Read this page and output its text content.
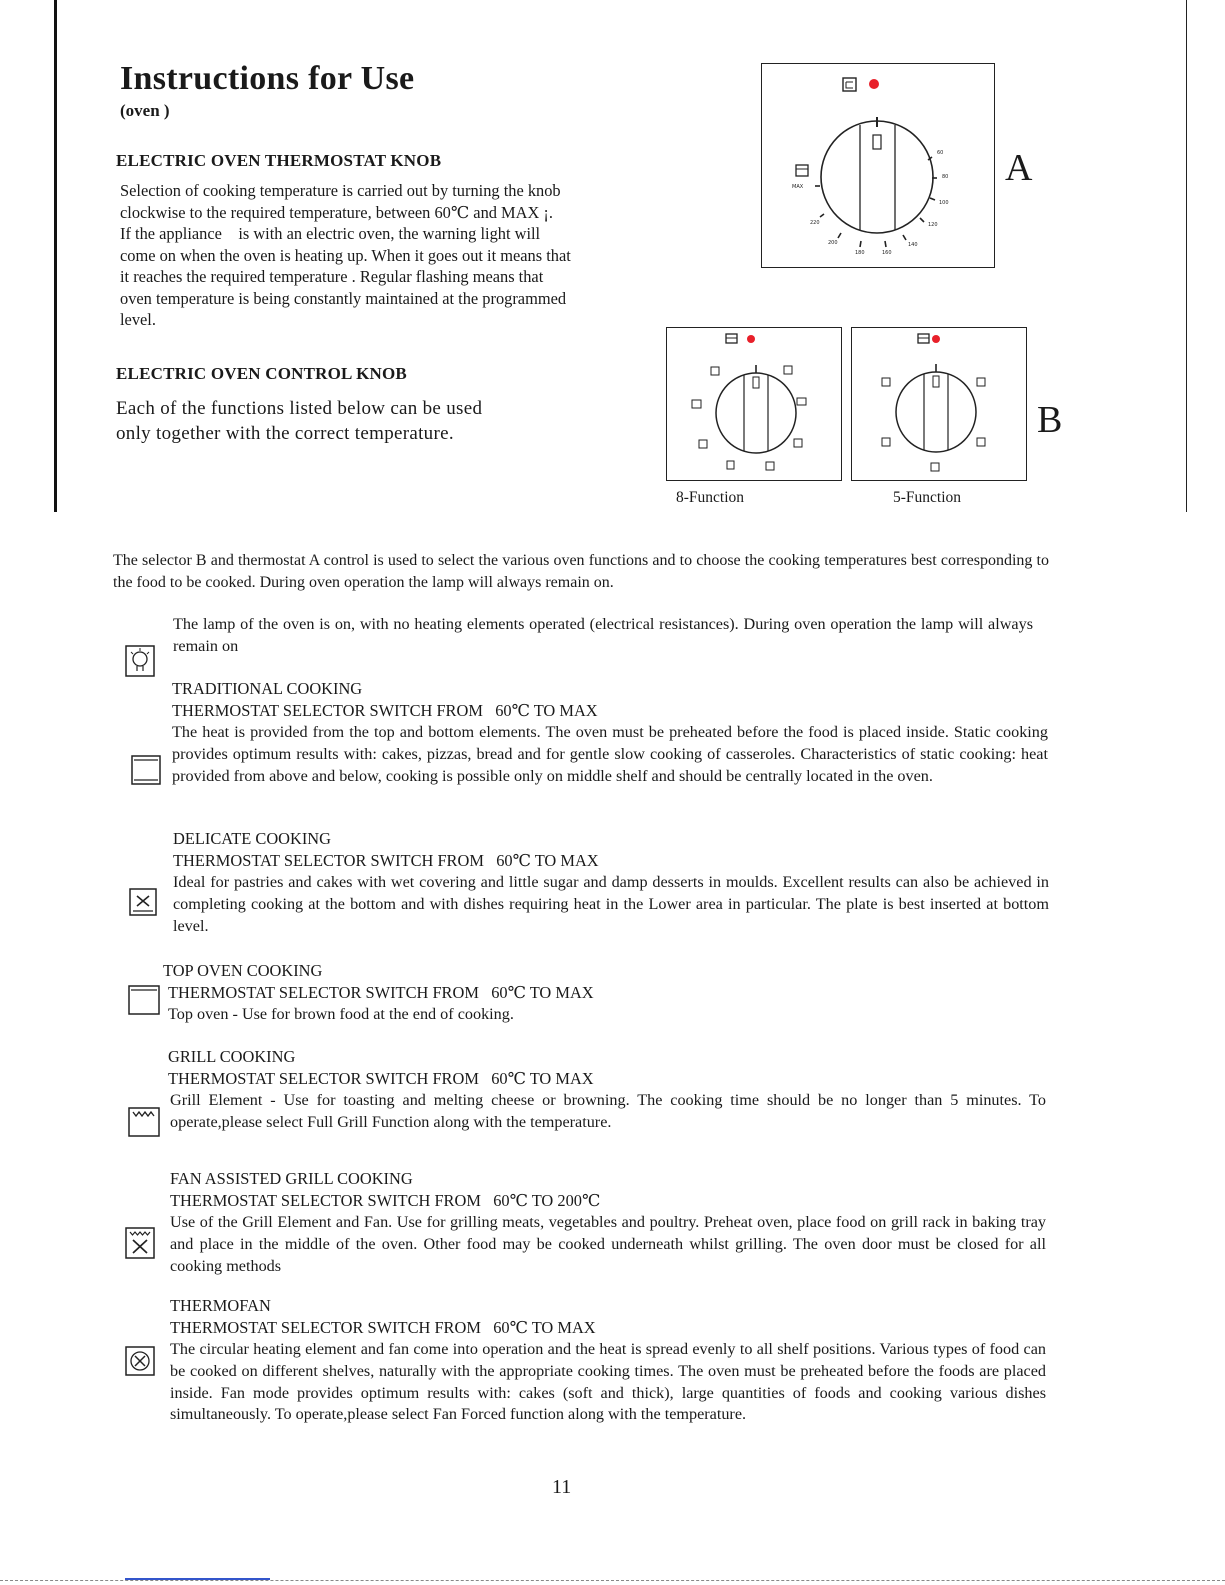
Instructions for Use
(oven )
ELECTRIC OVEN THERMOSTAT KNOB
Selection of cooking temperature is carried out by turning the knob
clockwise to the required temperature, between 60℃ and MAX ¡.
If the appliance    is with an electric oven, the warning light will
come on when the oven is heating up. When it goes out it means that
it reaches the required temperature . Regular flashing means that
oven temperature is being constantly maintained at the programmed
level.
ELECTRIC OVEN CONTROL KNOB
Each of the functions listed below can be used
only together with the correct temperature.
60
80
100
120
140
160
180
200
220
MAX	A
B
8-Function	5-Function
The selector B and thermostat A control is used to select the various oven functions and to choose the cooking temperatures best corresponding to the food to be cooked. During oven operation the lamp will always remain on.
The lamp of the oven is on, with no heating elements operated (electrical resistances). During oven operation the lamp will always remain on
TRADITIONAL COOKING
THERMOSTAT SELECTOR SWITCH FROM   60℃ TO MAX
The heat is provided from the top and bottom elements. The oven must be preheated before the food is placed inside. Static cooking provides optimum results with: cakes, pizzas, bread and for gentle slow cooking of casseroles. Characteristics of static cooking: heat provided from above and below, cooking is possible only on middle shelf and should be centrally located in the oven.
DELICATE COOKING
THERMOSTAT SELECTOR SWITCH FROM   60℃ TO MAX
Ideal for pastries and cakes with wet covering and little sugar and damp desserts in moulds. Excellent results can also be achieved in completing cooking at the bottom and with dishes requiring heat in the Lower area in particular. The plate is best inserted at bottom level.
TOP OVEN COOKING
THERMOSTAT SELECTOR SWITCH FROM   60℃ TO MAX
Top oven - Use for brown food at the end of cooking.
GRILL COOKING
THERMOSTAT SELECTOR SWITCH FROM   60℃ TO MAX
Grill Element - Use for toasting and melting cheese or browning. The cooking time should be no longer than 5 minutes. To operate,please select Full Grill Function along with the temperature.
FAN ASSISTED GRILL COOKING
THERMOSTAT SELECTOR SWITCH FROM   60℃ TO 200℃
Use of the Grill Element and Fan. Use for grilling meats, vegetables and poultry. Preheat oven, place food on grill rack in baking tray and place in the middle of the oven. Other food may be cooked underneath whilst grilling. The oven door must be closed for all cooking methods
THERMOFAN
THERMOSTAT SELECTOR SWITCH FROM   60℃ TO MAX
The circular heating element and fan come into operation and the heat is spread evenly to all shelf positions. Various types of food can be cooked on different shelves, naturally with the appropriate cooking times. The oven must be preheated before the foods are placed inside. Fan mode provides optimum results with: cakes (soft and thick), large quantities of foods and cooking various dishes simultaneously. To operate,please select Fan Forced function along with the temperature.
11
